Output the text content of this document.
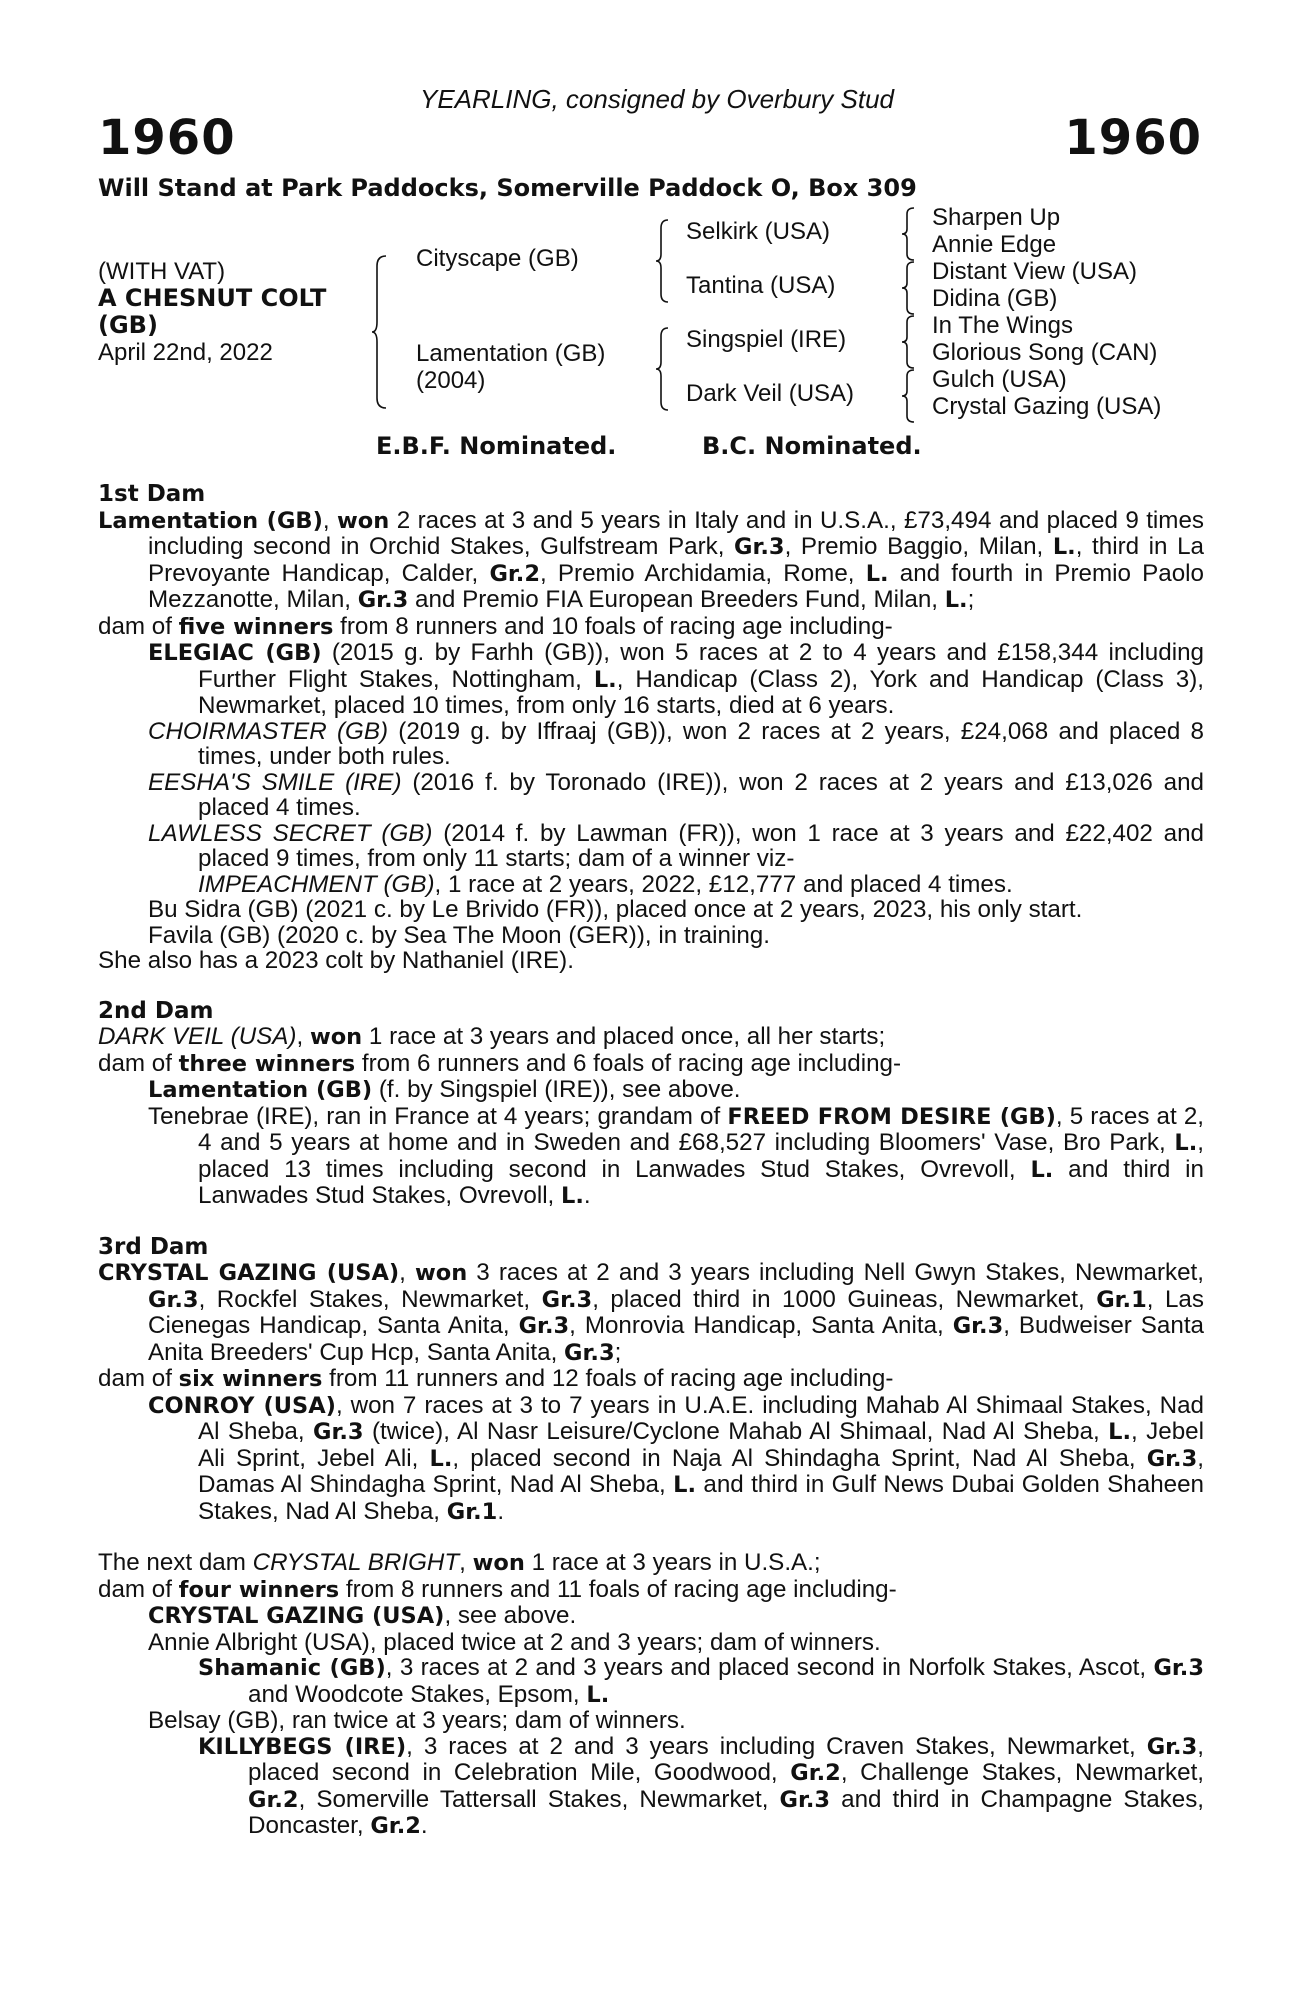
YEARLING, consigned by Overbury Stud
1960	1960
Will Stand at Park Paddocks, Somerville Paddock O, Box 309
(WITH VAT)
A CHESNUT COLT
(GB)
April 22nd, 2022
Cityscape (GB)
Lamentation (GB)
(2004)
Selkirk (USA)
Tantina (USA)
Singspiel (IRE)
Dark Veil (USA)
Sharpen Up
Annie Edge
Distant View (USA)
Didina (GB)
In The Wings
Glorious Song (CAN)
Gulch (USA)
Crystal Gazing (USA)
E.B.F. Nominated.	B.C. Nominated.
1st Dam
Lamentation (GB), won 2 races at 3 and 5 years in Italy and in U.S.A., £73,494 and placed 9 times including second in Orchid Stakes, Gulfstream Park, Gr.3, Premio Baggio, Milan, L., third in La Prevoyante Handicap, Calder, Gr.2, Premio Archidamia, Rome, L. and fourth in Premio Paolo Mezzanotte, Milan, Gr.3 and Premio FIA European Breeders Fund, Milan, L.;
dam of five winners from 8 runners and 10 foals of racing age including-
ELEGIAC (GB) (2015 g. by Farhh (GB)), won 5 races at 2 to 4 years and £158,344 including Further Flight Stakes, Nottingham, L., Handicap (Class 2), York and Handicap (Class 3), Newmarket, placed 10 times, from only 16 starts, died at 6 years.
CHOIRMASTER (GB) (2019 g. by Iffraaj (GB)), won 2 races at 2 years, £24,068 and placed 8 times, under both rules.
EESHA'S SMILE (IRE) (2016 f. by Toronado (IRE)), won 2 races at 2 years and £13,026 and placed 4 times.
LAWLESS SECRET (GB) (2014 f. by Lawman (FR)), won 1 race at 3 years and £22,402 and placed 9 times, from only 11 starts; dam of a winner viz-
IMPEACHMENT (GB), 1 race at 2 years, 2022, £12,777 and placed 4 times.
Bu Sidra (GB) (2021 c. by Le Brivido (FR)), placed once at 2 years, 2023, his only start.
Favila (GB) (2020 c. by Sea The Moon (GER)), in training.
She also has a 2023 colt by Nathaniel (IRE).
2nd Dam
DARK VEIL (USA), won 1 race at 3 years and placed once, all her starts;
dam of three winners from 6 runners and 6 foals of racing age including-
Lamentation (GB) (f. by Singspiel (IRE)), see above.
Tenebrae (IRE), ran in France at 4 years; grandam of FREED FROM DESIRE (GB), 5 races at 2, 4 and 5 years at home and in Sweden and £68,527 including Bloomers' Vase, Bro Park, L., placed 13 times including second in Lanwades Stud Stakes, Ovrevoll, L. and third in Lanwades Stud Stakes, Ovrevoll, L..
3rd Dam
CRYSTAL GAZING (USA), won 3 races at 2 and 3 years including Nell Gwyn Stakes, Newmarket, Gr.3, Rockfel Stakes, Newmarket, Gr.3, placed third in 1000 Guineas, Newmarket, Gr.1, Las Cienegas Handicap, Santa Anita, Gr.3, Monrovia Handicap, Santa Anita, Gr.3, Budweiser Santa Anita Breeders' Cup Hcp, Santa Anita, Gr.3;
dam of six winners from 11 runners and 12 foals of racing age including-
CONROY (USA), won 7 races at 3 to 7 years in U.A.E. including Mahab Al Shimaal Stakes, Nad Al Sheba, Gr.3 (twice), Al Nasr Leisure/Cyclone Mahab Al Shimaal, Nad Al Sheba, L., Jebel Ali Sprint, Jebel Ali, L., placed second in Naja Al Shindagha Sprint, Nad Al Sheba, Gr.3, Damas Al Shindagha Sprint, Nad Al Sheba, L. and third in Gulf News Dubai Golden Shaheen Stakes, Nad Al Sheba, Gr.1.
The next dam CRYSTAL BRIGHT, won 1 race at 3 years in U.S.A.;
dam of four winners from 8 runners and 11 foals of racing age including-
CRYSTAL GAZING (USA), see above.
Annie Albright (USA), placed twice at 2 and 3 years; dam of winners.
Shamanic (GB), 3 races at 2 and 3 years and placed second in Norfolk Stakes, Ascot, Gr.3 and Woodcote Stakes, Epsom, L.
Belsay (GB), ran twice at 3 years; dam of winners.
KILLYBEGS (IRE), 3 races at 2 and 3 years including Craven Stakes, Newmarket, Gr.3, placed second in Celebration Mile, Goodwood, Gr.2, Challenge Stakes, Newmarket, Gr.2, Somerville Tattersall Stakes, Newmarket, Gr.3 and third in Champagne Stakes, Doncaster, Gr.2.
